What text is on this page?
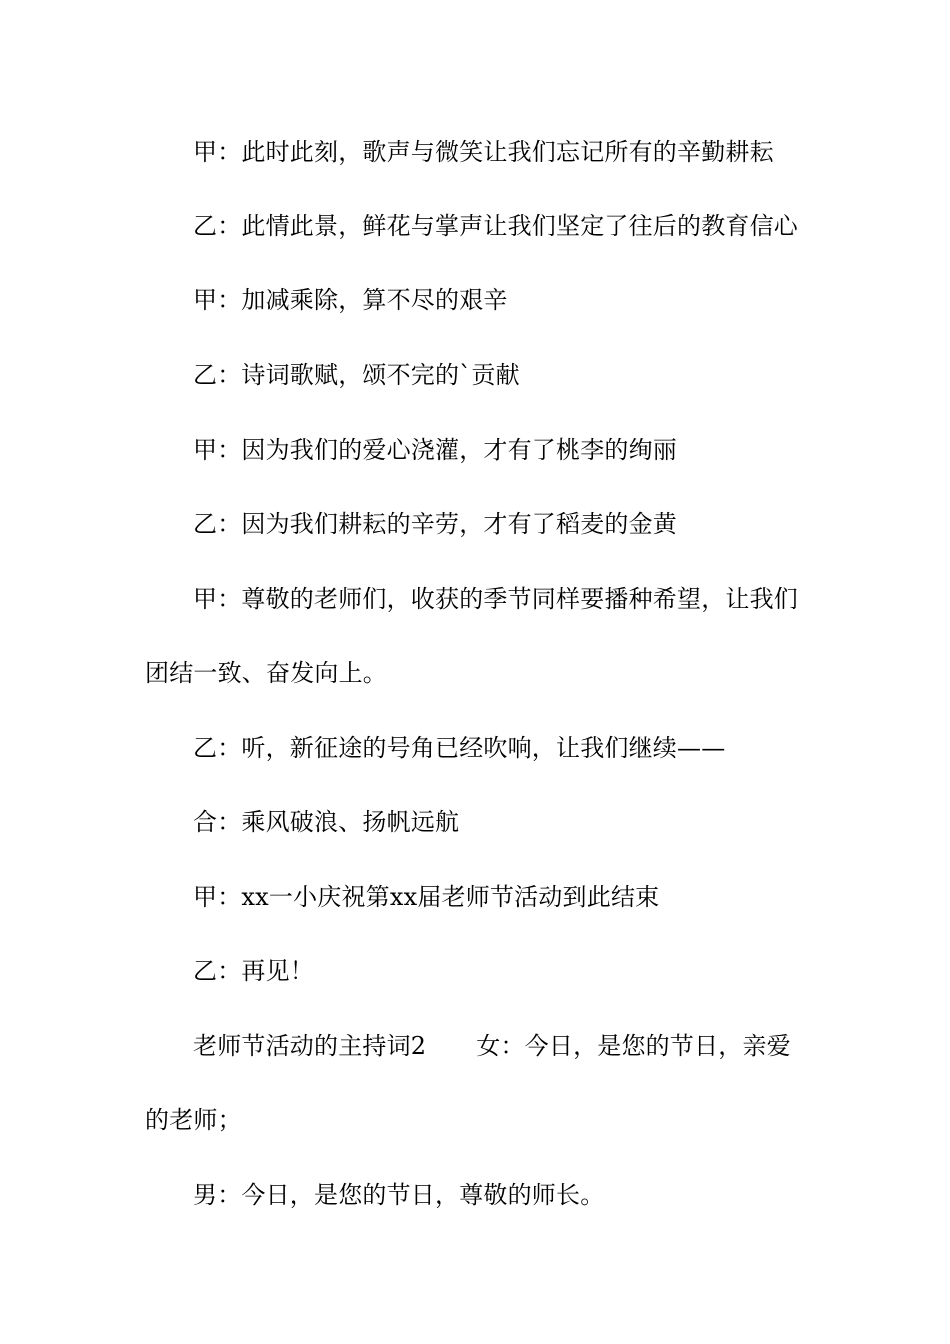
甲：此时此刻，歌声与微笑让我们忘记所有的辛勤耕耘
乙：此情此景，鲜花与掌声让我们坚定了往后的教育信心
甲：加减乘除，算不尽的艰辛
乙：诗词歌赋，颂不完的`贡献
甲：因为我们的爱心浇灌，才有了桃李的绚丽
乙：因为我们耕耘的辛劳，才有了稻麦的金黄
甲：尊敬的老师们，收获的季节同样要播种希望，让我们
团结一致、奋发向上。
乙：听，新征途的号角已经吹响，让我们继续——
合：乘风破浪、扬帆远航
甲：xx一小庆祝第xx届老师节活动到此结束
乙：再见！
老师节活动的主持词2 女：今日，是您的节日，亲爱
的老师；
男：今日，是您的节日，尊敬的师长。
